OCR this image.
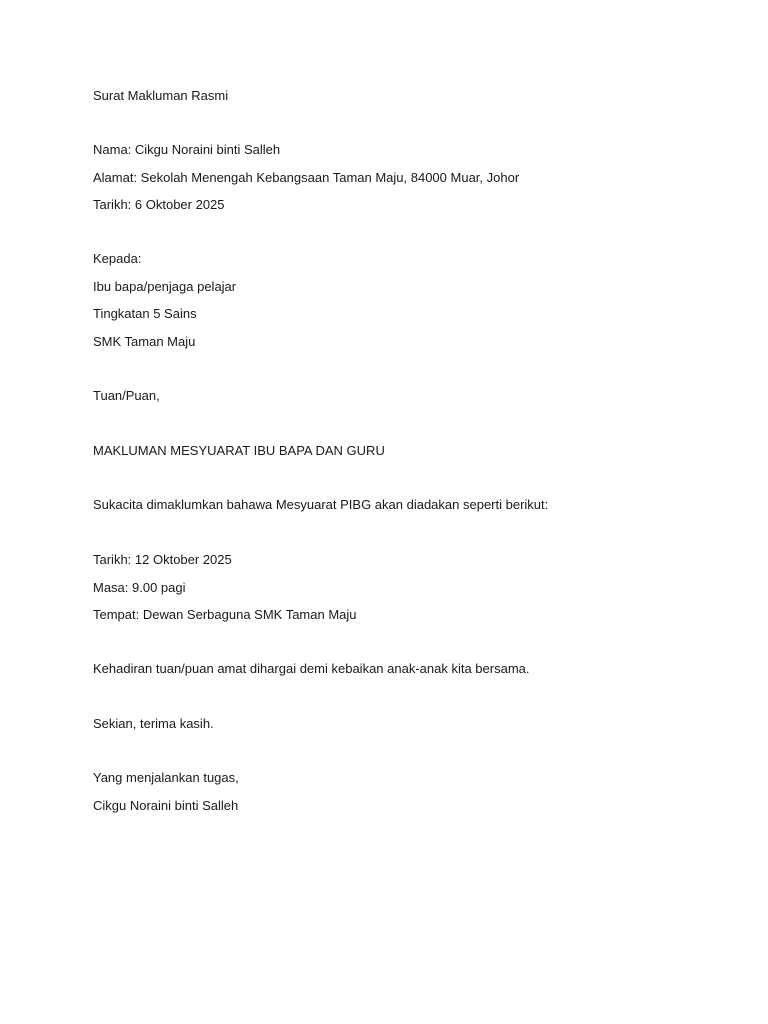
Surat Makluman Rasmi
Nama: Cikgu Noraini binti Salleh
Alamat: Sekolah Menengah Kebangsaan Taman Maju, 84000 Muar, Johor
Tarikh: 6 Oktober 2025
Kepada:
Ibu bapa/penjaga pelajar
Tingkatan 5 Sains
SMK Taman Maju
Tuan/Puan,
MAKLUMAN MESYUARAT IBU BAPA DAN GURU
Sukacita dimaklumkan bahawa Mesyuarat PIBG akan diadakan seperti berikut:
Tarikh: 12 Oktober 2025
Masa: 9.00 pagi
Tempat: Dewan Serbaguna SMK Taman Maju
Kehadiran tuan/puan amat dihargai demi kebaikan anak-anak kita bersama.
Sekian, terima kasih.
Yang menjalankan tugas,
Cikgu Noraini binti Salleh
